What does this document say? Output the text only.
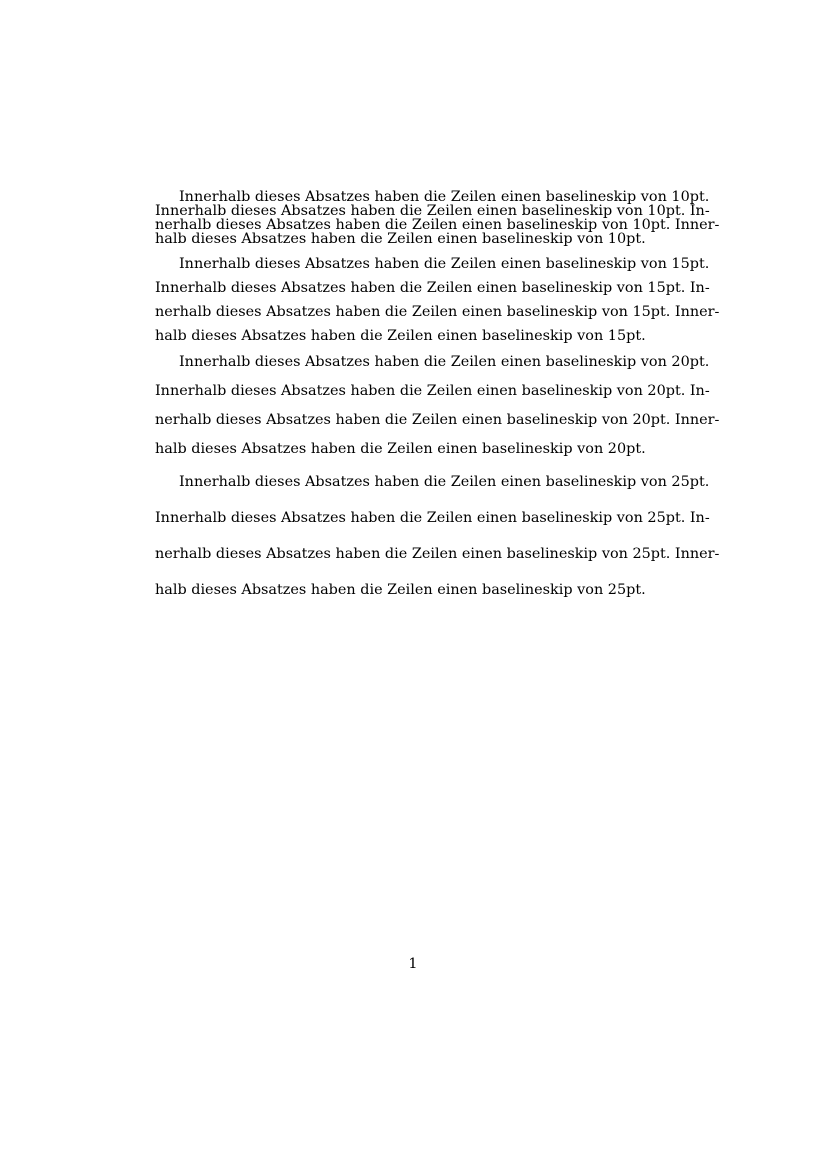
Innerhalb dieses Absatzes haben die Zeilen einen baselineskip von 10pt.
Innerhalb dieses Absatzes haben die Zeilen einen baselineskip von 10pt. In-
nerhalb dieses Absatzes haben die Zeilen einen baselineskip von 10pt. Inner-
halb dieses Absatzes haben die Zeilen einen baselineskip von 10pt.
Innerhalb dieses Absatzes haben die Zeilen einen baselineskip von 15pt.
Innerhalb dieses Absatzes haben die Zeilen einen baselineskip von 15pt. In-
nerhalb dieses Absatzes haben die Zeilen einen baselineskip von 15pt. Inner-
halb dieses Absatzes haben die Zeilen einen baselineskip von 15pt.
Innerhalb dieses Absatzes haben die Zeilen einen baselineskip von 20pt.
Innerhalb dieses Absatzes haben die Zeilen einen baselineskip von 20pt. In-
nerhalb dieses Absatzes haben die Zeilen einen baselineskip von 20pt. Inner-
halb dieses Absatzes haben die Zeilen einen baselineskip von 20pt.
Innerhalb dieses Absatzes haben die Zeilen einen baselineskip von 25pt.
Innerhalb dieses Absatzes haben die Zeilen einen baselineskip von 25pt. In-
nerhalb dieses Absatzes haben die Zeilen einen baselineskip von 25pt. Inner-
halb dieses Absatzes haben die Zeilen einen baselineskip von 25pt.
1
